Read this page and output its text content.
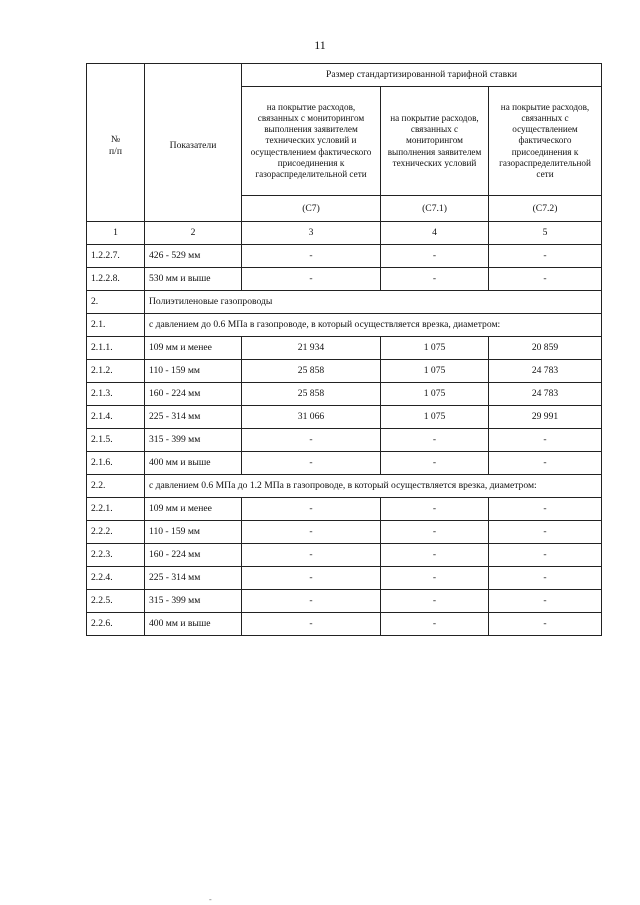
11
№
п/п	Показатели	Размер стандартизированной тарифной ставки		
		на покрытие расходов, связанных с мониторингом выполнения заявителем технических условий и осуществлением фактического присоединения к газораспределительной сети	на покрытие расходов, связанных с мониторингом выполнения заявителем технических условий	на покрытие расходов, связанных с осуществлением фактического присоединения к газораспределительной сети
		(С7)	(С7.1)	(С7.2)
1	2	3	4	5
1.2.2.7.	426 - 529 мм	-	-	-
1.2.2.8.	530 мм и выше	-	-	-
2.	Полиэтиленовые газопроводы			
2.1.	с давлением до 0.6 МПа в газопроводе, в который осуществляется врезка, диаметром:			
2.1.1.	109 мм и менее	21 934	1 075	20 859
2.1.2.	110 - 159 мм	25 858	1 075	24 783
2.1.3.	160 - 224 мм	25 858	1 075	24 783
2.1.4.	225 - 314 мм	31 066	1 075	29 991
2.1.5.	315 - 399 мм	-	-	-
2.1.6.	400 мм и выше	-	-	-
2.2.	с давлением 0.6 МПа до 1.2 МПа в газопроводе, в который осуществляется врезка, диаметром:			
2.2.1.	109 мм и менее	-	-	-
2.2.2.	110 - 159 мм	-	-	-
2.2.3.	160 - 224 мм	-	-	-
2.2.4.	225 - 314 мм	-	-	-
2.2.5.	315 - 399 мм	-	-	-
2.2.6.	400 мм и выше	-	-	-
-
